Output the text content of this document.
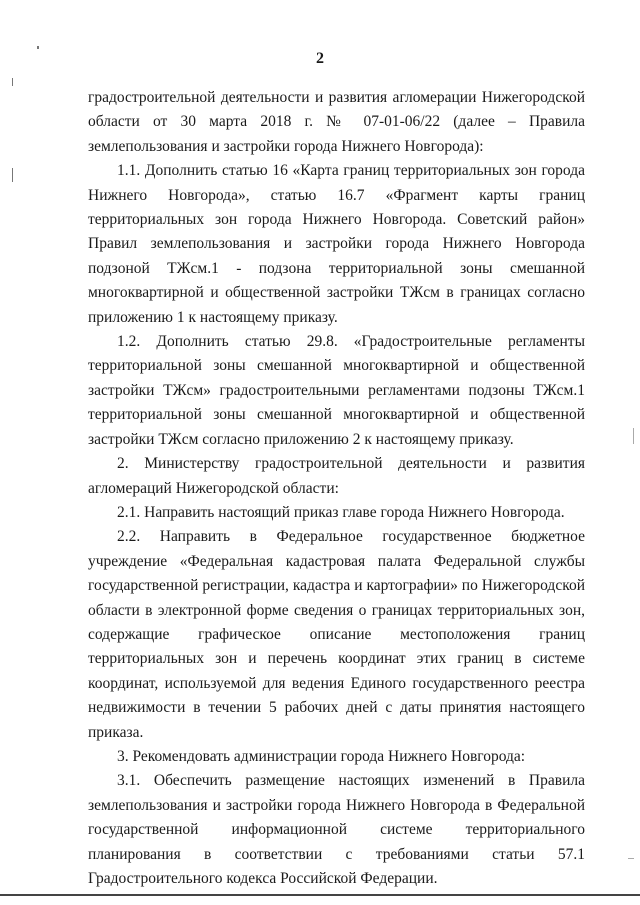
2

градостроительной деятельности и развития агломерации Нижегородской области от 30 марта 2018 г. № 07-01-06/22 (далее – Правила землепользования и застройки города Нижнего Новгорода):

1.1. Дополнить статью 16 «Карта границ территориальных зон города Нижнего Новгорода», статью 16.7 «Фрагмент карты границ территориальных зон города Нижнего Новгорода. Советский район» Правил землепользования и застройки города Нижнего Новгорода подзоной ТЖсм.1 - подзона территориальной зоны смешанной многоквартирной и общественной застройки ТЖсм в границах согласно приложению 1 к настоящему приказу.

1.2. Дополнить статью 29.8. «Градостроительные регламенты территориальной зоны смешанной многоквартирной и общественной застройки ТЖсм» градостроительными регламентами подзоны ТЖсм.1 территориальной зоны смешанной многоквартирной и общественной застройки ТЖсм согласно приложению 2 к настоящему приказу.

2. Министерству градостроительной деятельности и развития агломераций Нижегородской области:

2.1. Направить настоящий приказ главе города Нижнего Новгорода.

2.2. Направить в Федеральное государственное бюджетное учреждение «Федеральная кадастровая палата Федеральной службы государственной регистрации, кадастра и картографии» по Нижегородской области в электронной форме сведения о границах территориальных зон, содержащие графическое описание местоположения границ территориальных зон и перечень координат этих границ в системе координат, используемой для ведения Единого государственного реестра недвижимости в течении 5 рабочих дней с даты принятия настоящего приказа.

3. Рекомендовать администрации города Нижнего Новгорода:

3.1. Обеспечить размещение настоящих изменений в Правила землепользования и застройки города Нижнего Новгорода в Федеральной государственной информационной системе территориального планирования в соответствии с требованиями статьи 57.1 Градостроительного кодекса Российской Федерации.
